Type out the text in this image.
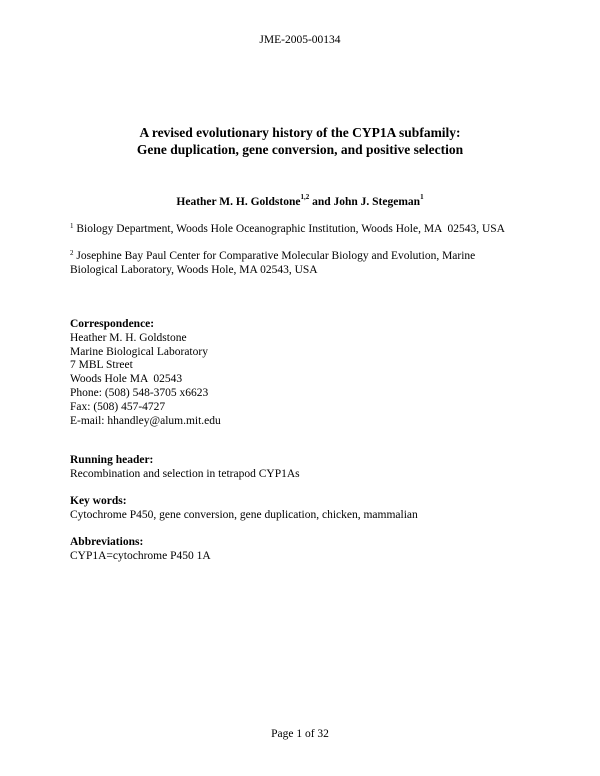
JME-2005-00134
A revised evolutionary history of the CYP1A subfamily:
Gene duplication, gene conversion, and positive selection
Heather M. H. Goldstone$^{1,2}$ and John J. Stegeman$^1$
$^1$ Biology Department, Woods Hole Oceanographic Institution, Woods Hole, MA  02543, USA
$^2$ Josephine Bay Paul Center for Comparative Molecular Biology and Evolution, Marine
Biological Laboratory, Woods Hole, MA 02543, USA
Correspondence:
Heather M. H. Goldstone
Marine Biological Laboratory
7 MBL Street
Woods Hole MA  02543
Phone: (508) 548-3705 x6623
Fax: (508) 457-4727
E-mail: hhandley@alum.mit.edu
Running header:
Recombination and selection in tetrapod CYP1As
Key words:
Cytochrome P450, gene conversion, gene duplication, chicken, mammalian
Abbreviations:
CYP1A=cytochrome P450 1A
Page 1 of 32
